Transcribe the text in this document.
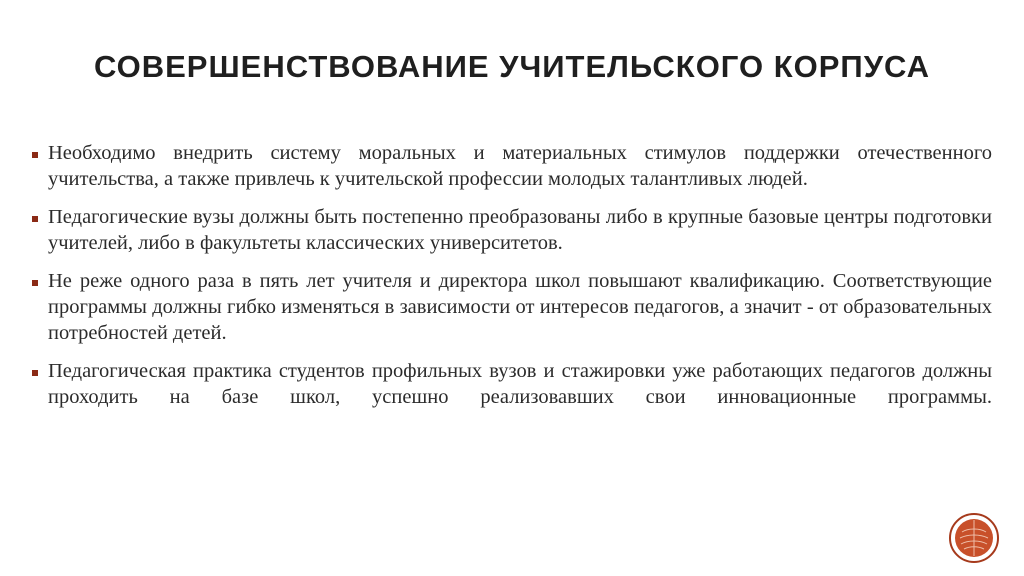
СОВЕРШЕНСТВОВАНИЕ УЧИТЕЛЬСКОГО КОРПУСА
Необходимо внедрить систему моральных и материальных стимулов поддержки отечественного учительства, а также привлечь к учительской профессии молодых талантливых людей.
Педагогические вузы должны быть постепенно преобразованы либо в крупные базовые центры подготовки учителей, либо в факультеты классических университетов.
Не реже одного раза в пять лет учителя и директора школ повышают квалификацию. Соответствующие программы должны гибко изменяться в зависимости от интересов педагогов, а значит - от образовательных потребностей детей.
Педагогическая практика студентов профильных вузов и стажировки уже работающих педагогов должны проходить на базе школ, успешно реализовавших свои инновационные программы.
